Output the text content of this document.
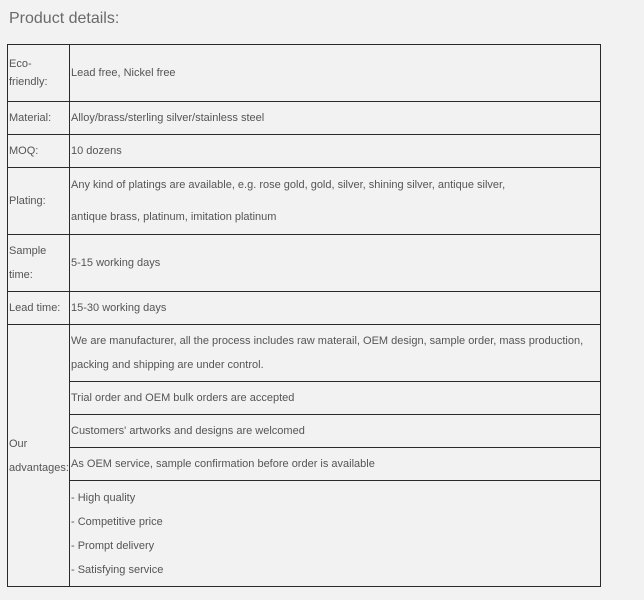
Product details:
Eco-friendly:	Lead free, Nickel free

Material:	Alloy/brass/sterling silver/stainless steel

MOQ:	10 dozens

Plating:	Any kind of platings are available, e.g. rose gold, gold, silver, shining silver, antique silver,

antique brass, platinum, imitation platinum

Sample time:	5-15 working days

Lead time:	15-30 working days

Our advantages:	We are manufacturer, all the process includes raw materail, OEM design, sample order, mass production,

packing and shipping are under control.

	Trial order and OEM bulk orders are accepted

	Customers' artworks and designs are welcomed

	As OEM service, sample confirmation before order is available

	- High quality

- Competitive price

- Prompt delivery

- Satisfying service
